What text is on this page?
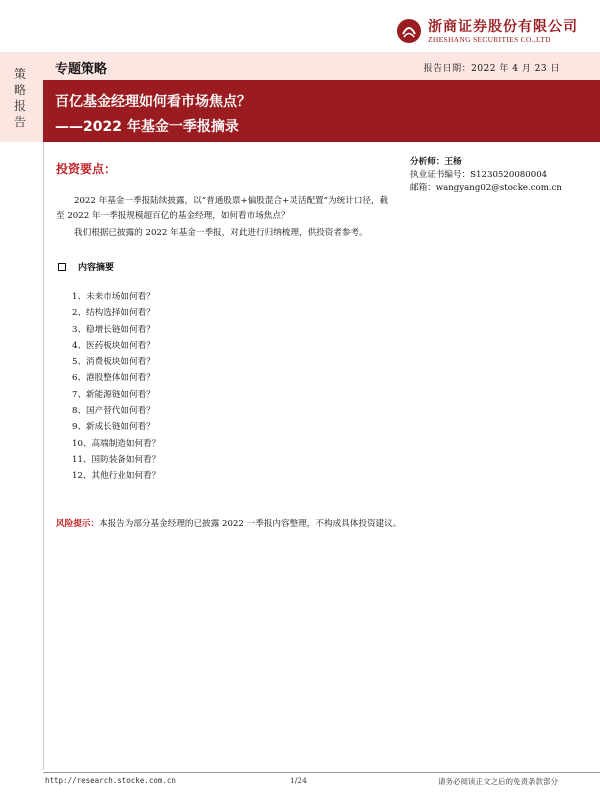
浙商证券股份有限公司
ZHESHANG SECURITIES CO.,LTD
策
略
报
告
专题策略	报告日期：2022 年 4 月 23 日
百亿基金经理如何看市场焦点？
——2022 年基金一季报摘录
投资要点：
2022 年基金一季报陆续披露，以“普通股票+偏股混合+灵活配置”为统计口径，截至 2022 年一季报规模超百亿的基金经理，如何看市场焦点？
我们根据已披露的 2022 年基金一季报，对此进行归纳梳理，供投资者参考。
分析师：王杨
执业证书编号：S1230520080004
邮箱：wangyang02@stocke.com.cn
内容摘要
1、未来市场如何看？
2、结构选择如何看？
3、稳增长链如何看？
4、医药板块如何看？
5、消费板块如何看？
6、港股整体如何看？
7、新能源链如何看？
8、国产替代如何看？
9、新成长链如何看？
10、高端制造如何看？
11、国防装备如何看？
12、其他行业如何看？
风险提示：本报告为部分基金经理的已披露 2022 一季报内容整理，不构成具体投资建议。
http://research.stocke.com.cn	1/24	请务必阅读正文之后的免责条款部分
